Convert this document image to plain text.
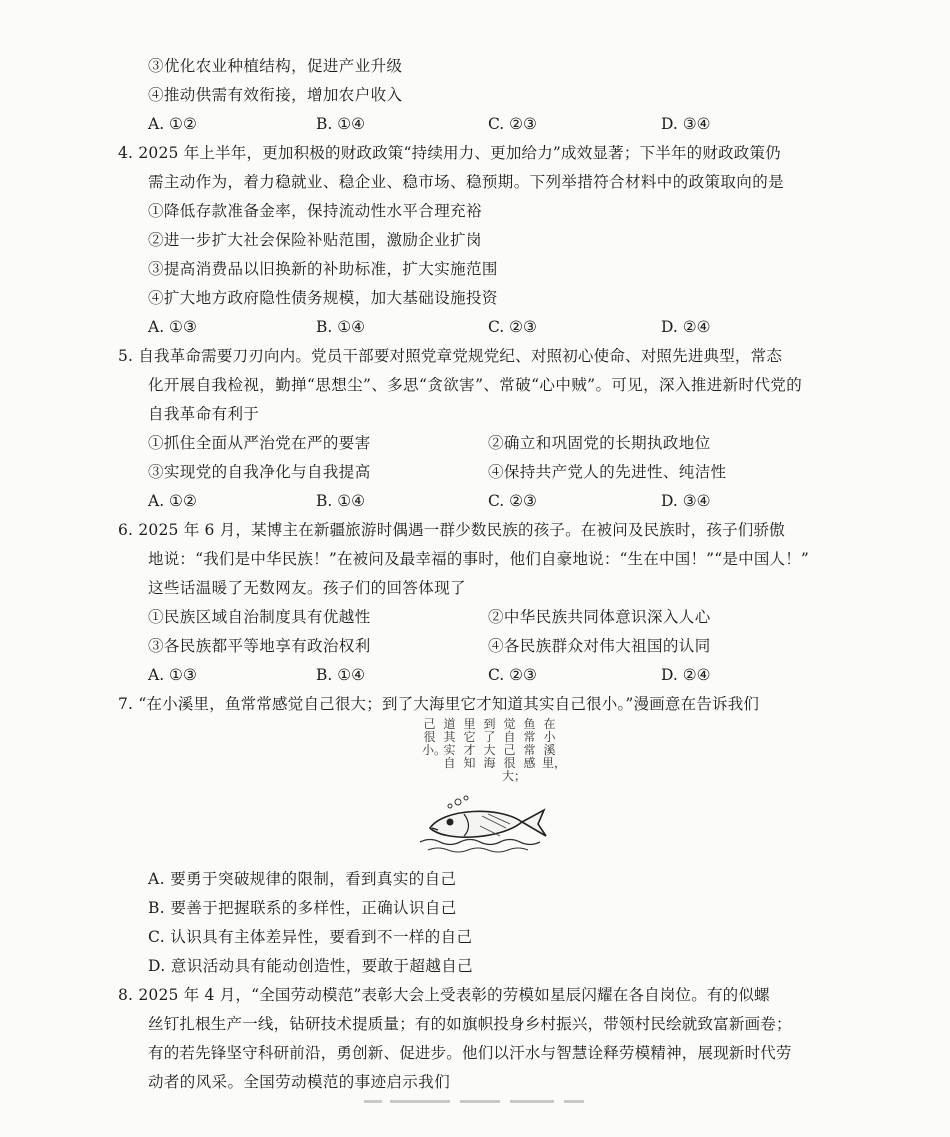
③优化农业种植结构，促进产业升级
④推动供需有效衔接，增加农户收入
A. ①②	B. ①④	C. ②③	D. ③④
4. 2025 年上半年，更加积极的财政政策“持续用力、更加给力”成效显著；下半年的财政政策仍
需主动作为，着力稳就业、稳企业、稳市场、稳预期。下列举措符合材料中的政策取向的是
①降低存款准备金率，保持流动性水平合理充裕
②进一步扩大社会保险补贴范围，激励企业扩岗
③提高消费品以旧换新的补助标准，扩大实施范围
④扩大地方政府隐性债务规模，加大基础设施投资
A. ①③	B. ①④	C. ②③	D. ②④
5. 自我革命需要刀刃向内。党员干部要对照党章党规党纪、对照初心使命、对照先进典型，常态
化开展自我检视，勤掸“思想尘”、多思“贪欲害”、常破“心中贼”。可见，深入推进新时代党的
自我革命有利于
①抓住全面从严治党在严的要害	②确立和巩固党的长期执政地位
③实现党的自我净化与自我提高	④保持共产党人的先进性、纯洁性
A. ①②	B. ①④	C. ②③	D. ③④
6. 2025 年 6 月，某博主在新疆旅游时偶遇一群少数民族的孩子。在被问及民族时，孩子们骄傲
地说：“我们是中华民族！”在被问及最幸福的事时，他们自豪地说：“生在中国！”“是中国人！”
这些话温暖了无数网友。孩子们的回答体现了
①民族区域自治制度具有优越性	②中华民族共同体意识深入人心
③各民族都平等地享有政治权利	④各民族群众对伟大祖国的认同
A. ①③	B. ①④	C. ②③	D. ②④
7. “在小溪里，鱼常常感觉自己很大；到了大海里它才知道其实自己很小。”漫画意在告诉我们
在小溪里，
鱼常常感
觉自己很大；
到了大海
里它才知
道其实自
己很小。
A. 要勇于突破规律的限制，看到真实的自己
B. 要善于把握联系的多样性，正确认识自己
C. 认识具有主体差异性，要看到不一样的自己
D. 意识活动具有能动创造性，要敢于超越自己
8. 2025 年 4 月，“全国劳动模范”表彰大会上受表彰的劳模如星辰闪耀在各自岗位。有的似螺
丝钉扎根生产一线，钻研技术提质量；有的如旗帜投身乡村振兴，带领村民绘就致富新画卷；
有的若先锋坚守科研前沿，勇创新、促进步。他们以汗水与智慧诠释劳模精神，展现新时代劳
动者的风采。全国劳动模范的事迹启示我们
